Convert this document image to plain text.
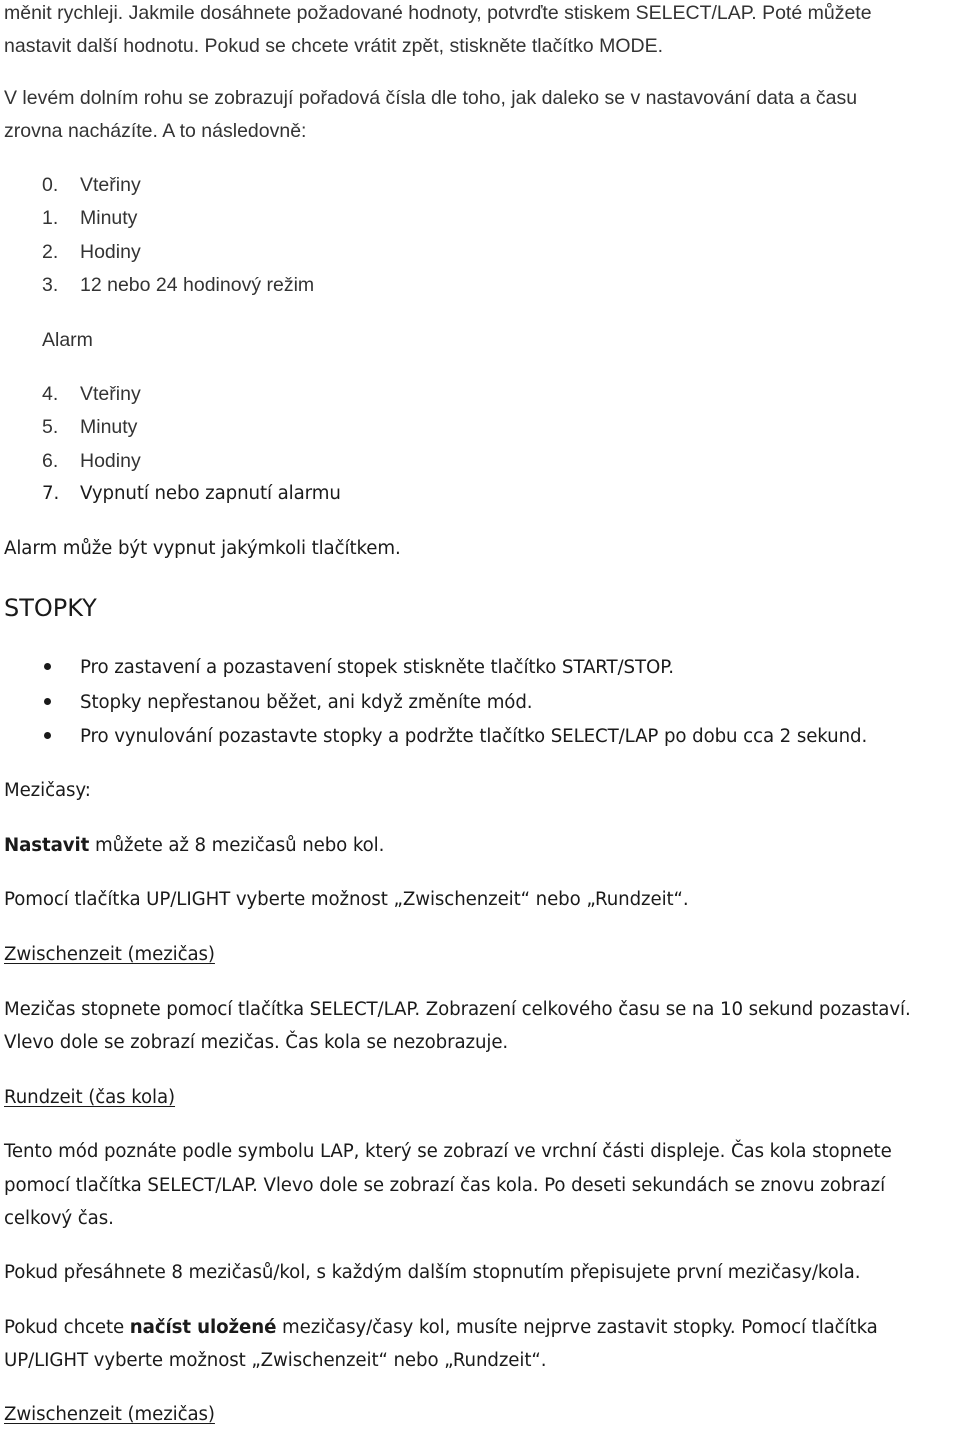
měnit rychleji. Jakmile dosáhnete požadované hodnoty, potvrďte stiskem SELECT/LAP. Poté můžete
nastavit další hodnotu. Pokud se chcete vrátit zpět, stiskněte tlačítko MODE.
V levém dolním rohu se zobrazují pořadová čísla dle toho, jak daleko se v nastavování data a času
zrovna nacházíte. A to následovně:
0. Vteřiny
1. Minuty
2. Hodiny
3. 12 nebo 24 hodinový režim
Alarm
4. Vteřiny
5. Minuty
6. Hodiny
7. Vypnutí nebo zapnutí alarmu
Alarm může být vypnut jakýmkoli tlačítkem.
STOPKY
Pro zastavení a pozastavení stopek stiskněte tlačítko START/STOP.
Stopky nepřestanou běžet, ani když změníte mód.
Pro vynulování pozastavte stopky a podržte tlačítko SELECT/LAP po dobu cca 2 sekund.
Mezičasy:
Nastavit můžete až 8 mezičasů nebo kol.
Pomocí tlačítka UP/LIGHT vyberte možnost „Zwischenzeit“ nebo „Rundzeit“.
Zwischenzeit (mezičas)
Mezičas stopnete pomocí tlačítka SELECT/LAP. Zobrazení celkového času se na 10 sekund pozastaví.
Vlevo dole se zobrazí mezičas. Čas kola se nezobrazuje.
Rundzeit (čas kola)
Tento mód poznáte podle symbolu LAP, který se zobrazí ve vrchní části displeje. Čas kola stopnete
pomocí tlačítka SELECT/LAP. Vlevo dole se zobrazí čas kola. Po deseti sekundách se znovu zobrazí
celkový čas.
Pokud přesáhnete 8 mezičasů/kol, s každým dalším stopnutím přepisujete první mezičasy/kola.
Pokud chcete načíst uložené mezičasy/časy kol, musíte nejprve zastavit stopky. Pomocí tlačítka
UP/LIGHT vyberte možnost „Zwischenzeit“ nebo „Rundzeit“.
Zwischenzeit (mezičas)
